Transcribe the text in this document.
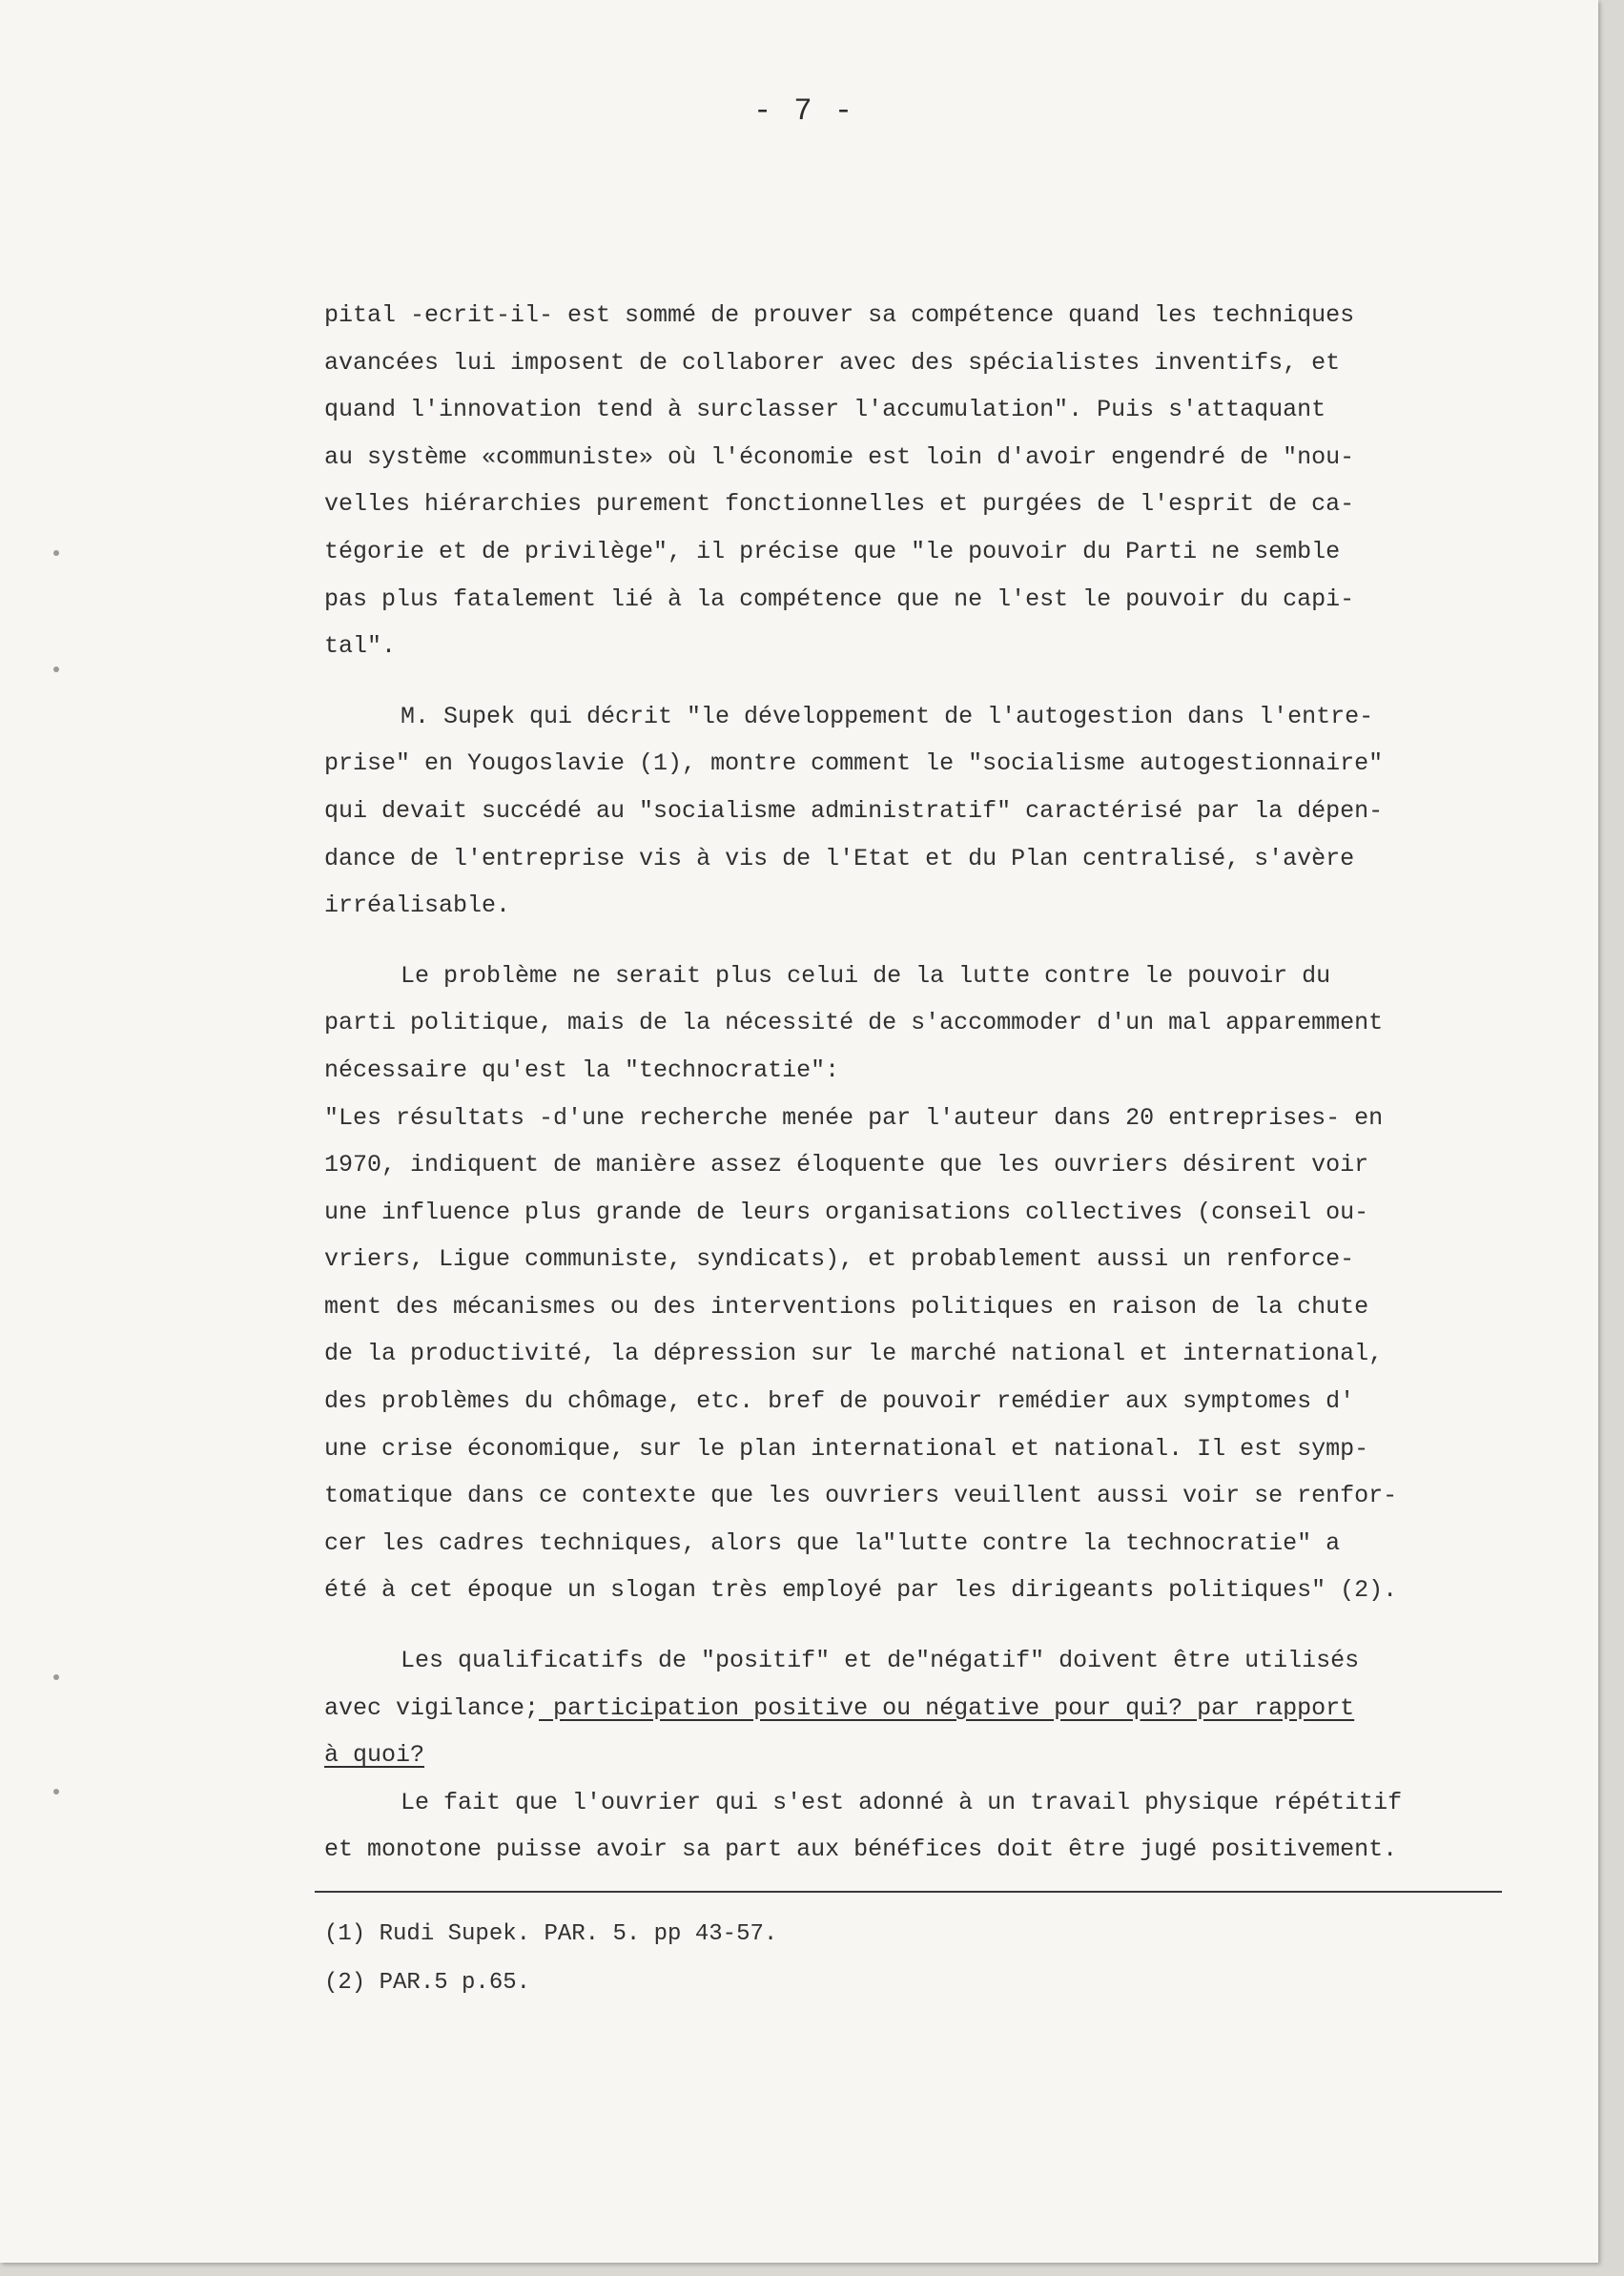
- 7 -

pital -ecrit-il- est sommé de prouver sa compétence quand les techniques
avancées lui imposent de collaborer avec des spécialistes inventifs, et
quand l'innovation tend à surclasser l'accumulation". Puis s'attaquant
au système «communiste» où l'économie est loin d'avoir engendré de "nou-
velles hiérarchies purement fonctionnelles et purgées de l'esprit de ca-
tégorie et de privilège", il précise que "le pouvoir du Parti ne semble
pas plus fatalement lié à la compétence que ne l'est le pouvoir du capi-
tal".

M. Supek qui décrit "le développement de l'autogestion dans l'entre-
prise" en Yougoslavie (1), montre comment le "socialisme autogestionnaire"
qui devait succédé au "socialisme administratif" caractérisé par la dépen-
dance de l'entreprise vis à vis de l'Etat et du Plan centralisé, s'avère
irréalisable.

Le problème ne serait plus celui de la lutte contre le pouvoir du
parti politique, mais de la nécessité de s'accommoder d'un mal apparemment
nécessaire qu'est la "technocratie":

"Les résultats -d'une recherche menée par l'auteur dans 20 entreprises- en
1970, indiquent de manière assez éloquente que les ouvriers désirent voir
une influence plus grande de leurs organisations collectives (conseil ou-
vriers, Ligue communiste, syndicats), et probablement aussi un renforce-
ment des mécanismes ou des interventions politiques en raison de la chute
de la productivité, la dépression sur le marché national et international,
des problèmes du chômage, etc. bref de pouvoir remédier aux symptomes d'
une crise économique, sur le plan international et national. Il est symp-
tomatique dans ce contexte que les ouvriers veuillent aussi voir se renfor-
cer les cadres techniques, alors que la"lutte contre la technocratie" a
été à cet époque un slogan très employé par les dirigeants politiques" (2).

Les qualificatifs de "positif" et de"négatif" doivent être utilisés
avec vigilance; participation positive ou négative pour qui? par rapport
à quoi?

Le fait que l'ouvrier qui s'est adonné à un travail physique répétitif
et monotone puisse avoir sa part aux bénéfices doit être jugé positivement.

(1) Rudi Supek. PAR. 5. pp 43-57.
(2) PAR.5 p.65.
